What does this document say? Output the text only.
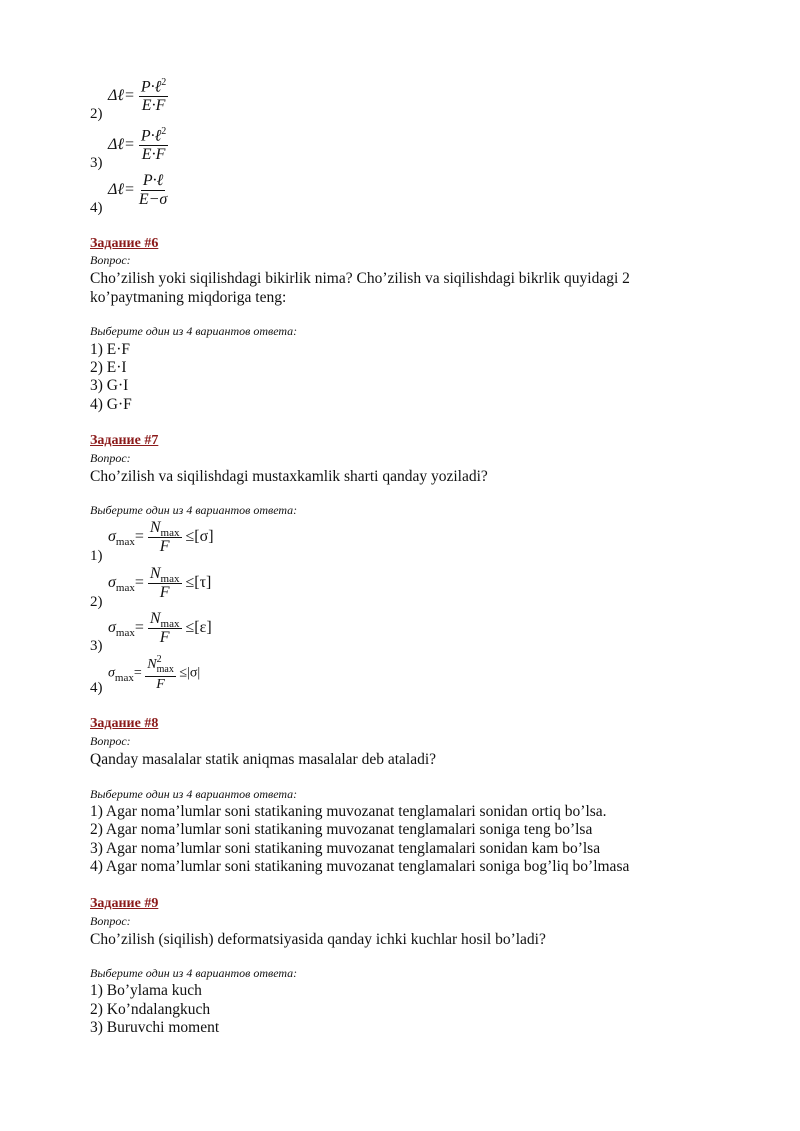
2)
Δℓ= $\frac{P\cdot\ell^2}{E\cdot F}$
3)
Δℓ= $\frac{P\cdot\ell^2}{E\cdot F}$
4)
Δℓ= $\frac{\text{P·ℓ}}{E-\sigma}$
Задание #6
Вопрос:
Cho’zilish yoki siqilishdagi bikirlik nima? Cho’zilish va siqilishdagi bikrlik quyidagi 2
ko’paytmaning miqdoriga teng:
Выберите один из 4 вариантов ответа:
1) E·F
2) E·I
3) G·I
4) G·F
Задание #7
Вопрос:
Cho’zilish va siqilishdagi mustaxkamlik sharti qanday yoziladi?
Выберите один из 4 вариантов ответа:
1)
$\sigma_{max}= \frac{N_{max}}{F} \le[\sigma]$
2)
$\sigma_{max}= \frac{N_{max}}{F} \le[\tau]$
3)
$\sigma_{max}= \frac{N_{max}}{F} \le[\varepsilon]$
4)
$\sigma_{max}= N$ 2
max
F ≤|σ|
Задание #8
Вопрос:
Qanday masalalar statik aniqmas masalalar deb ataladi?
Выберите один из 4 вариантов ответа:
1) Agar noma’lumlar soni statikaning muvozanat tenglamalari sonidan ortiq bo’lsa.
2) Agar noma’lumlar soni statikaning muvozanat tenglamalari soniga teng bo’lsa
3) Agar noma’lumlar soni statikaning muvozanat tenglamalari sonidan kam bo’lsa
4) Agar noma’lumlar soni statikaning muvozanat tenglamalari soniga bog’liq bo’lmasa
Задание #9
Вопрос:
Cho’zilish (siqilish) deformatsiyasida qanday ichki kuchlar hosil bo’ladi?
Выберите один из 4 вариантов ответа:
1) Bo’ylama kuch
2) Ko’ndalangkuch
3) Buruvchi moment
